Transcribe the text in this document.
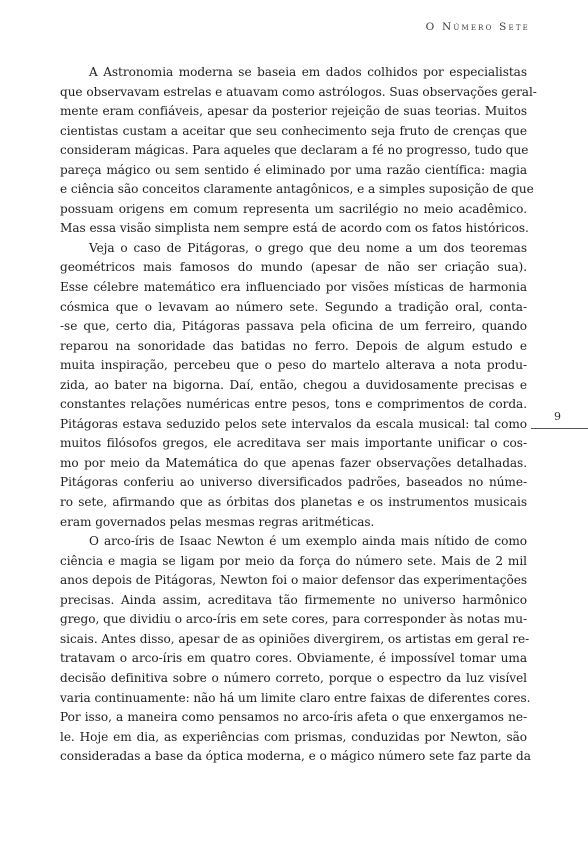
O Número Sete

A Astronomia moderna se baseia em dados colhidos por especialistas
que observavam estrelas e atuavam como astrólogos. Suas observações geral-
mente eram confiáveis, apesar da posterior rejeição de suas teorias. Muitos
cientistas custam a aceitar que seu conhecimento seja fruto de crenças que
consideram mágicas. Para aqueles que declaram a fé no progresso, tudo que
pareça mágico ou sem sentido é eliminado por uma razão científica: magia
e ciência são conceitos claramente antagônicos, e a simples suposição de que
possuam origens em comum representa um sacrilégio no meio acadêmico.
Mas essa visão simplista nem sempre está de acordo com os fatos históricos.

Veja o caso de Pitágoras, o grego que deu nome a um dos teoremas
geométricos mais famosos do mundo (apesar de não ser criação sua).
Esse célebre matemático era influenciado por visões místicas de harmonia
cósmica que o levavam ao número sete. Segundo a tradição oral, conta-
-se que, certo dia, Pitágoras passava pela oficina de um ferreiro, quando
reparou na sonoridade das batidas no ferro. Depois de algum estudo e
muita inspiração, percebeu que o peso do martelo alterava a nota produ-
zida, ao bater na bigorna. Daí, então, chegou a duvidosamente precisas e
constantes relações numéricas entre pesos, tons e comprimentos de corda.
Pitágoras estava seduzido pelos sete intervalos da escala musical: tal como
muitos filósofos gregos, ele acreditava ser mais importante unificar o cos-
mo por meio da Matemática do que apenas fazer observações detalhadas.
Pitágoras conferiu ao universo diversificados padrões, baseados no núme-
ro sete, afirmando que as órbitas dos planetas e os instrumentos musicais
eram governados pelas mesmas regras aritméticas.

O arco-íris de Isaac Newton é um exemplo ainda mais nítido de como
ciência e magia se ligam por meio da força do número sete. Mais de 2 mil
anos depois de Pitágoras, Newton foi o maior defensor das experimentações
precisas. Ainda assim, acreditava tão firmemente no universo harmônico
grego, que dividiu o arco-íris em sete cores, para corresponder às notas mu-
sicais. Antes disso, apesar de as opiniões divergirem, os artistas em geral re-
tratavam o arco-íris em quatro cores. Obviamente, é impossível tomar uma
decisão definitiva sobre o número correto, porque o espectro da luz visível
varia continuamente: não há um limite claro entre faixas de diferentes cores.
Por isso, a maneira como pensamos no arco-íris afeta o que enxergamos ne-
le. Hoje em dia, as experiências com prismas, conduzidas por Newton, são
consideradas a base da óptica moderna, e o mágico número sete faz parte da

9
